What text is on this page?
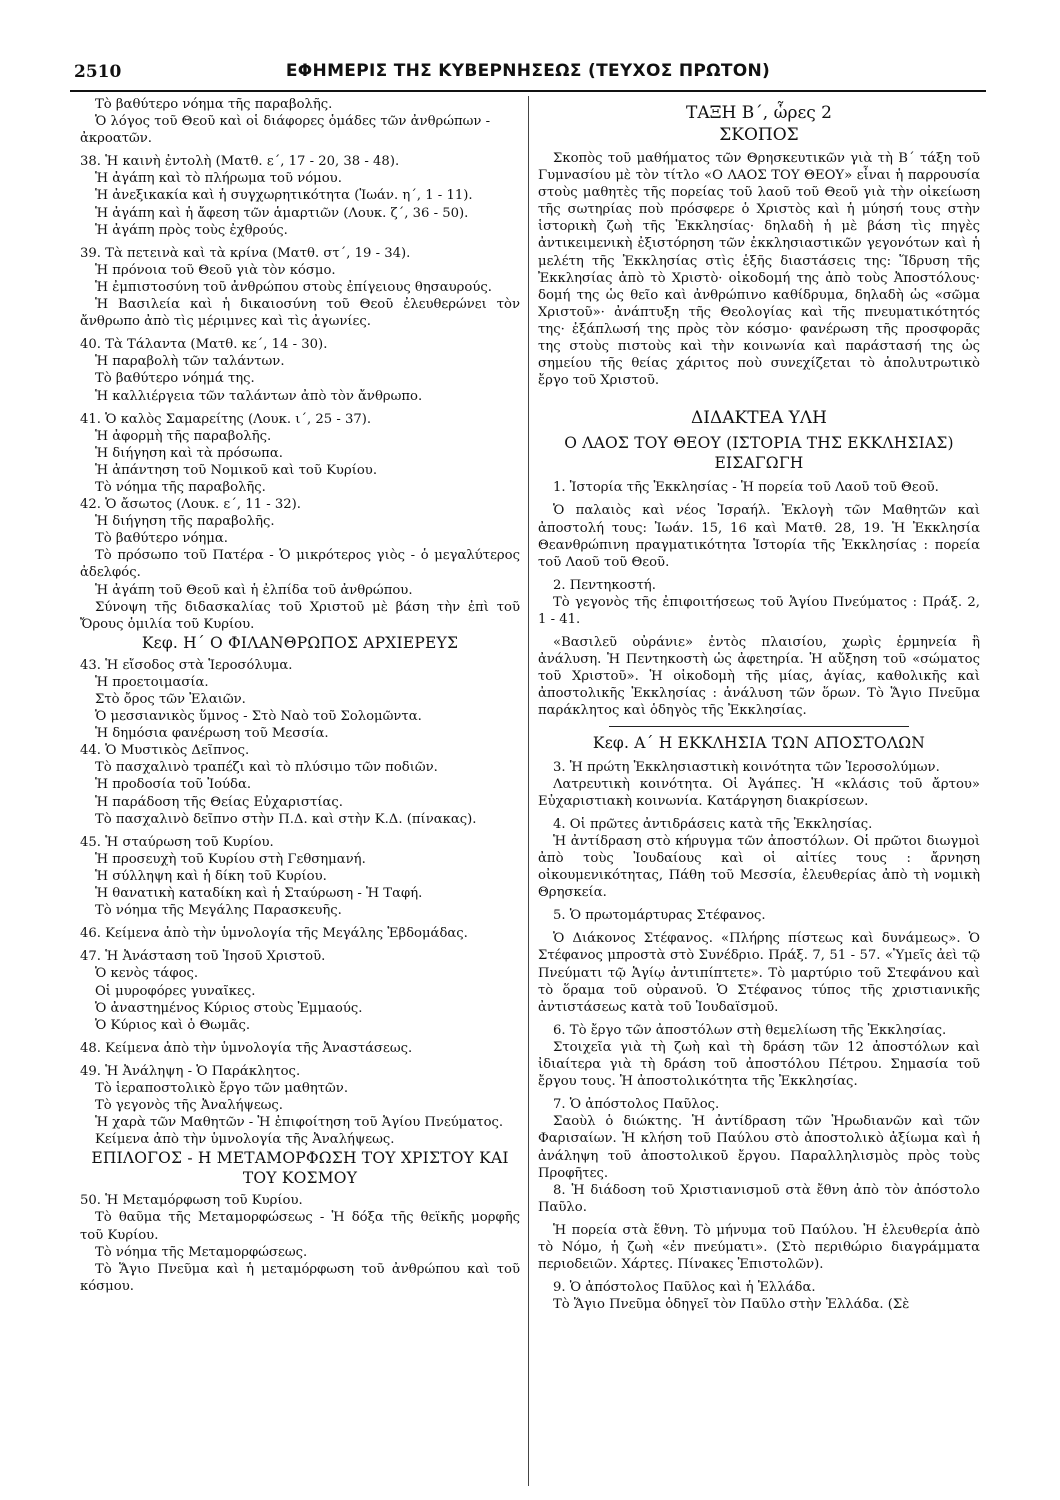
2510	ΕΦΗΜΕΡΙΣ ΤΗΣ ΚΥΒΕΡΝΗΣΕΩΣ (ΤΕΥΧΟΣ ΠΡΩΤΟΝ)

Τὸ βαθύτερο νόημα τῆς παραβολῆς.

Ὁ λόγος τοῦ Θεοῦ καὶ οἱ διάφορες ὁμάδες τῶν ἀνθρώπων - ἀκροατῶν.

38. Ἡ καινὴ ἐντολὴ (Ματθ. ε΄, 17 - 20, 38 - 48).

Ἡ ἀγάπη καὶ τὸ πλήρωμα τοῦ νόμου.

Ἡ ἀνεξικακία καὶ ἡ συγχωρητικότητα (Ἰωάν. η΄, 1 - 11).

Ἡ ἀγάπη καὶ ἡ ἄφεση τῶν ἁμαρτιῶν (Λουκ. ζ΄, 36 - 50).

Ἡ ἀγάπη πρὸς τοὺς ἐχθρούς.

39. Τὰ πετεινὰ καὶ τὰ κρίνα (Ματθ. στ΄, 19 - 34).

Ἡ πρόνοια τοῦ Θεοῦ γιὰ τὸν κόσμο.

Ἡ ἐμπιστοσύνη τοῦ ἀνθρώπου στοὺς ἐπίγειους θησαυρούς.

Ἡ Βασιλεία καὶ ἡ δικαιοσύνη τοῦ Θεοῦ ἐλευθερώνει τὸν ἄνθρωπο ἀπὸ τὶς μέριμνες καὶ τὶς ἀγωνίες.

40. Τὰ Τάλαντα (Ματθ. κε΄, 14 - 30).

Ἡ παραβολὴ τῶν ταλάντων.

Τὸ βαθύτερο νόημά της.

Ἡ καλλιέργεια τῶν ταλάντων ἀπὸ τὸν ἄνθρωπο.

41. Ὁ καλὸς Σαμαρείτης (Λουκ. ι΄, 25 - 37).

Ἡ ἀφορμὴ τῆς παραβολῆς.

Ἡ διήγηση καὶ τὰ πρόσωπα.

Ἡ ἀπάντηση τοῦ Νομικοῦ καὶ τοῦ Κυρίου.

Τὸ νόημα τῆς παραβολῆς.

42. Ὁ ἄσωτος (Λουκ. ε΄, 11 - 32).

Ἡ διήγηση τῆς παραβολῆς.

Τὸ βαθύτερο νόημα.

Τὸ πρόσωπο τοῦ Πατέρα - Ὁ μικρότερος γιὸς - ὁ μεγαλύτερος ἀδελφός.

Ἡ ἀγάπη τοῦ Θεοῦ καὶ ἡ ἐλπίδα τοῦ ἀνθρώπου.

Σύνοψη τῆς διδασκαλίας τοῦ Χριστοῦ μὲ βάση τὴν ἐπὶ τοῦ Ὄρους ὁμιλία τοῦ Κυρίου.

Κεφ. Η΄ Ο ΦΙΛΑΝΘΡΩΠΟΣ ΑΡΧΙΕΡΕΥΣ

43. Ἡ εἴσοδος στὰ Ἱεροσόλυμα.

Ἡ προετοιμασία.

Στὸ ὄρος τῶν Ἐλαιῶν.

Ὁ μεσσιανικὸς ὕμνος - Στὸ Ναὸ τοῦ Σολομῶντα.

Ἡ δημόσια φανέρωση τοῦ Μεσσία.

44. Ὁ Μυστικὸς Δεῖπνος.

Τὸ πασχαλινὸ τραπέζι καὶ τὸ πλύσιμο τῶν ποδιῶν.

Ἡ προδοσία τοῦ Ἰούδα.

Ἡ παράδοση τῆς Θείας Εὐχαριστίας.

Τὸ πασχαλινὸ δεῖπνο στὴν Π.Δ. καὶ στὴν Κ.Δ. (πίνακας).

45. Ἡ σταύρωση τοῦ Κυρίου.

Ἡ προσευχὴ τοῦ Κυρίου στὴ Γεθσημανή.

Ἡ σύλληψη καὶ ἡ δίκη τοῦ Κυρίου.

Ἡ θανατικὴ καταδίκη καὶ ἡ Σταύρωση - Ἡ Ταφή.

Τὸ νόημα τῆς Μεγάλης Παρασκευῆς.

46. Κείμενα ἀπὸ τὴν ὑμνολογία τῆς Μεγάλης Ἑβδομάδας.

47. Ἡ Ἀνάσταση τοῦ Ἰησοῦ Χριστοῦ.

Ὁ κενὸς τάφος.

Οἱ μυροφόρες γυναῖκες.

Ὁ ἀναστημένος Κύριος στοὺς Ἐμμαούς.

Ὁ Κύριος καὶ ὁ Θωμᾶς.

48. Κείμενα ἀπὸ τὴν ὑμνολογία τῆς Ἀναστάσεως.

49. Ἡ Ἀνάληψη - Ὁ Παράκλητος.

Τὸ ἱεραποστολικὸ ἔργο τῶν μαθητῶν.

Τὸ γεγονὸς τῆς Ἀναλήψεως.

Ἡ χαρὰ τῶν Μαθητῶν - Ἡ ἐπιφοίτηση τοῦ Ἁγίου Πνεύματος.

Κείμενα ἀπὸ τὴν ὑμνολογία τῆς Ἀναλήψεως.

ΕΠΙΛΟΓΟΣ - Η ΜΕΤΑΜΟΡΦΩΣΗ ΤΟΥ ΧΡΙΣΤΟΥ ΚΑΙ ΤΟΥ ΚΟΣΜΟΥ

50. Ἡ Μεταμόρφωση τοῦ Κυρίου.

Τὸ θαῦμα τῆς Μεταμορφώσεως - Ἡ δόξα τῆς θεϊκῆς μορφῆς τοῦ Κυρίου.

Τὸ νόημα τῆς Μεταμορφώσεως.

Τὸ Ἅγιο Πνεῦμα καὶ ἡ μεταμόρφωση τοῦ ἀνθρώπου καὶ τοῦ κόσμου.

ΤΑΞΗ Β΄, ὧρες 2

ΣΚΟΠΟΣ

Σκοπὸς τοῦ μαθήματος τῶν Θρησκευτικῶν γιὰ τὴ Β΄ τάξη τοῦ Γυμνασίου μὲ τὸν τίτλο «Ο ΛΑΟΣ ΤΟΥ ΘΕΟΥ» εἶναι ἡ παρρουσία στοὺς μαθητὲς τῆς πορείας τοῦ λαοῦ τοῦ Θεοῦ γιὰ τὴν οἰκείωση τῆς σωτηρίας ποὺ πρόσφερε ὁ Χριστὸς καὶ ἡ μύησή τους στὴν ἱστορικὴ ζωὴ τῆς Ἐκκλησίας· δηλαδὴ ἡ μὲ βάση τὶς πηγὲς ἀντικειμενικὴ ἐξιστόρηση τῶν ἐκκλησιαστικῶν γεγονότων καὶ ἡ μελέτη τῆς Ἐκκλησίας στὶς ἑξῆς διαστάσεις της: Ἵδρυση τῆς Ἐκκλησίας ἀπὸ τὸ Χριστὸ· οἰκοδομή της ἀπὸ τοὺς Ἀποστόλους· δομή της ὡς θεῖο καὶ ἀνθρώπινο καθίδρυμα, δηλαδὴ ὡς «σῶμα Χριστοῦ»· ἀνάπτυξη τῆς Θεολογίας καὶ τῆς πνευματικότητός της· ἐξάπλωσή της πρὸς τὸν κόσμο· φανέρωση τῆς προσφορᾶς της στοὺς πιστοὺς καὶ τὴν κοινωνία καὶ παράστασή της ὡς σημείου τῆς θείας χάριτος ποὺ συνεχίζεται τὸ ἀπολυτρωτικὸ ἔργο τοῦ Χριστοῦ.

ΔΙΔΑΚΤΕΑ ΥΛΗ

Ο ΛΑΟΣ ΤΟΥ ΘΕΟΥ (ΙΣΤΟΡΙΑ ΤΗΣ ΕΚΚΛΗΣΙΑΣ)

ΕΙΣΑΓΩΓΗ

1. Ἱστορία τῆς Ἐκκλησίας - Ἡ πορεία τοῦ Λαοῦ τοῦ Θεοῦ.

Ὁ παλαιὸς καὶ νέος Ἰσραήλ. Ἐκλογὴ τῶν Μαθητῶν καὶ ἀποστολή τους: Ἰωάν. 15, 16 καὶ Ματθ. 28, 19. Ἡ Ἐκκλησία Θεανθρώπινη πραγματικότητα Ἱστορία τῆς Ἐκκλησίας : πορεία τοῦ Λαοῦ τοῦ Θεοῦ.

2. Πεντηκοστή.

Τὸ γεγονὸς τῆς ἐπιφοιτήσεως τοῦ Ἁγίου Πνεύματος : Πράξ. 2, 1 - 41.

«Βασιλεῦ οὐράνιε» ἐντὸς πλαισίου, χωρὶς ἑρμηνεία ἢ ἀνάλυση. Ἡ Πεντηκοστὴ ὡς ἀφετηρία. Ἡ αὔξηση τοῦ «σώματος τοῦ Χριστοῦ». Ἡ οἰκοδομὴ τῆς μίας, ἁγίας, καθολικῆς καὶ ἀποστολικῆς Ἐκκλησίας : ἀνάλυση τῶν ὅρων. Τὸ Ἅγιο Πνεῦμα παράκλητος καὶ ὁδηγὸς τῆς Ἐκκλησίας.

Κεφ. Α΄ Η ΕΚΚΛΗΣΙΑ ΤΩΝ ΑΠΟΣΤΟΛΩΝ

3. Ἡ πρώτη Ἐκκλησιαστικὴ κοινότητα τῶν Ἱεροσολύμων.

Λατρευτικὴ κοινότητα. Οἱ Ἀγάπες. Ἡ «κλάσις τοῦ ἄρτου» Εὐχαριστιακὴ κοινωνία. Κατάργηση διακρίσεων.

4. Οἱ πρῶτες ἀντιδράσεις κατὰ τῆς Ἐκκλησίας.

Ἡ ἀντίδραση στὸ κήρυγμα τῶν ἀποστόλων. Οἱ πρῶτοι διωγμοὶ ἀπὸ τοὺς Ἰουδαίους καὶ οἱ αἰτίες τους : ἄρνηση οἰκουμενικότητας, Πάθη τοῦ Μεσσία, ἐλευθερίας ἀπὸ τὴ νομικὴ Θρησκεία.

5. Ὁ πρωτομάρτυρας Στέφανος.

Ὁ Διάκονος Στέφανος. «Πλήρης πίστεως καὶ δυνάμεως». Ὁ Στέφανος μπροστὰ στὸ Συνέδριο. Πράξ. 7, 51 - 57. «Ὑμεῖς ἀεὶ τῷ Πνεύματι τῷ Ἁγίῳ ἀντιπίπτετε». Τὸ μαρτύριο τοῦ Στεφάνου καὶ τὸ ὅραμα τοῦ οὐρανοῦ. Ὁ Στέφανος τύπος τῆς χριστιανικῆς ἀντιστάσεως κατὰ τοῦ Ἰουδαϊσμοῦ.

6. Τὸ ἔργο τῶν ἀποστόλων στὴ θεμελίωση τῆς Ἐκκλησίας.

Στοιχεῖα γιὰ τὴ ζωὴ καὶ τὴ δράση τῶν 12 ἀποστόλων καὶ ἰδιαίτερα γιὰ τὴ δράση τοῦ ἀποστόλου Πέτρου. Σημασία τοῦ ἔργου τους. Ἡ ἀποστολικότητα τῆς Ἐκκλησίας.

7. Ὁ ἀπόστολος Παῦλος.

Σαοὺλ ὁ διώκτης. Ἡ ἀντίδραση τῶν Ἡρωδιανῶν καὶ τῶν Φαρισαίων. Ἡ κλήση τοῦ Παύλου στὸ ἀποστολικὸ ἀξίωμα καὶ ἡ ἀνάληψη τοῦ ἀποστολικοῦ ἔργου. Παραλληλισμὸς πρὸς τοὺς Προφῆτες.

8. Ἡ διάδοση τοῦ Χριστιανισμοῦ στὰ ἔθνη ἀπὸ τὸν ἀπόστολο Παῦλο.

Ἡ πορεία στὰ ἔθνη. Τὸ μήνυμα τοῦ Παύλου. Ἡ ἐλευθερία ἀπὸ τὸ Νόμο, ἡ ζωὴ «ἐν πνεύματι». (Στὸ περιθώριο διαγράμματα περιοδειῶν. Χάρτες. Πίνακες Ἐπιστολῶν).

9. Ὁ ἀπόστολος Παῦλος καὶ ἡ Ἑλλάδα.

Τὸ Ἅγιο Πνεῦμα ὁδηγεῖ τὸν Παῦλο στὴν Ἑλλάδα. (Σὲ
